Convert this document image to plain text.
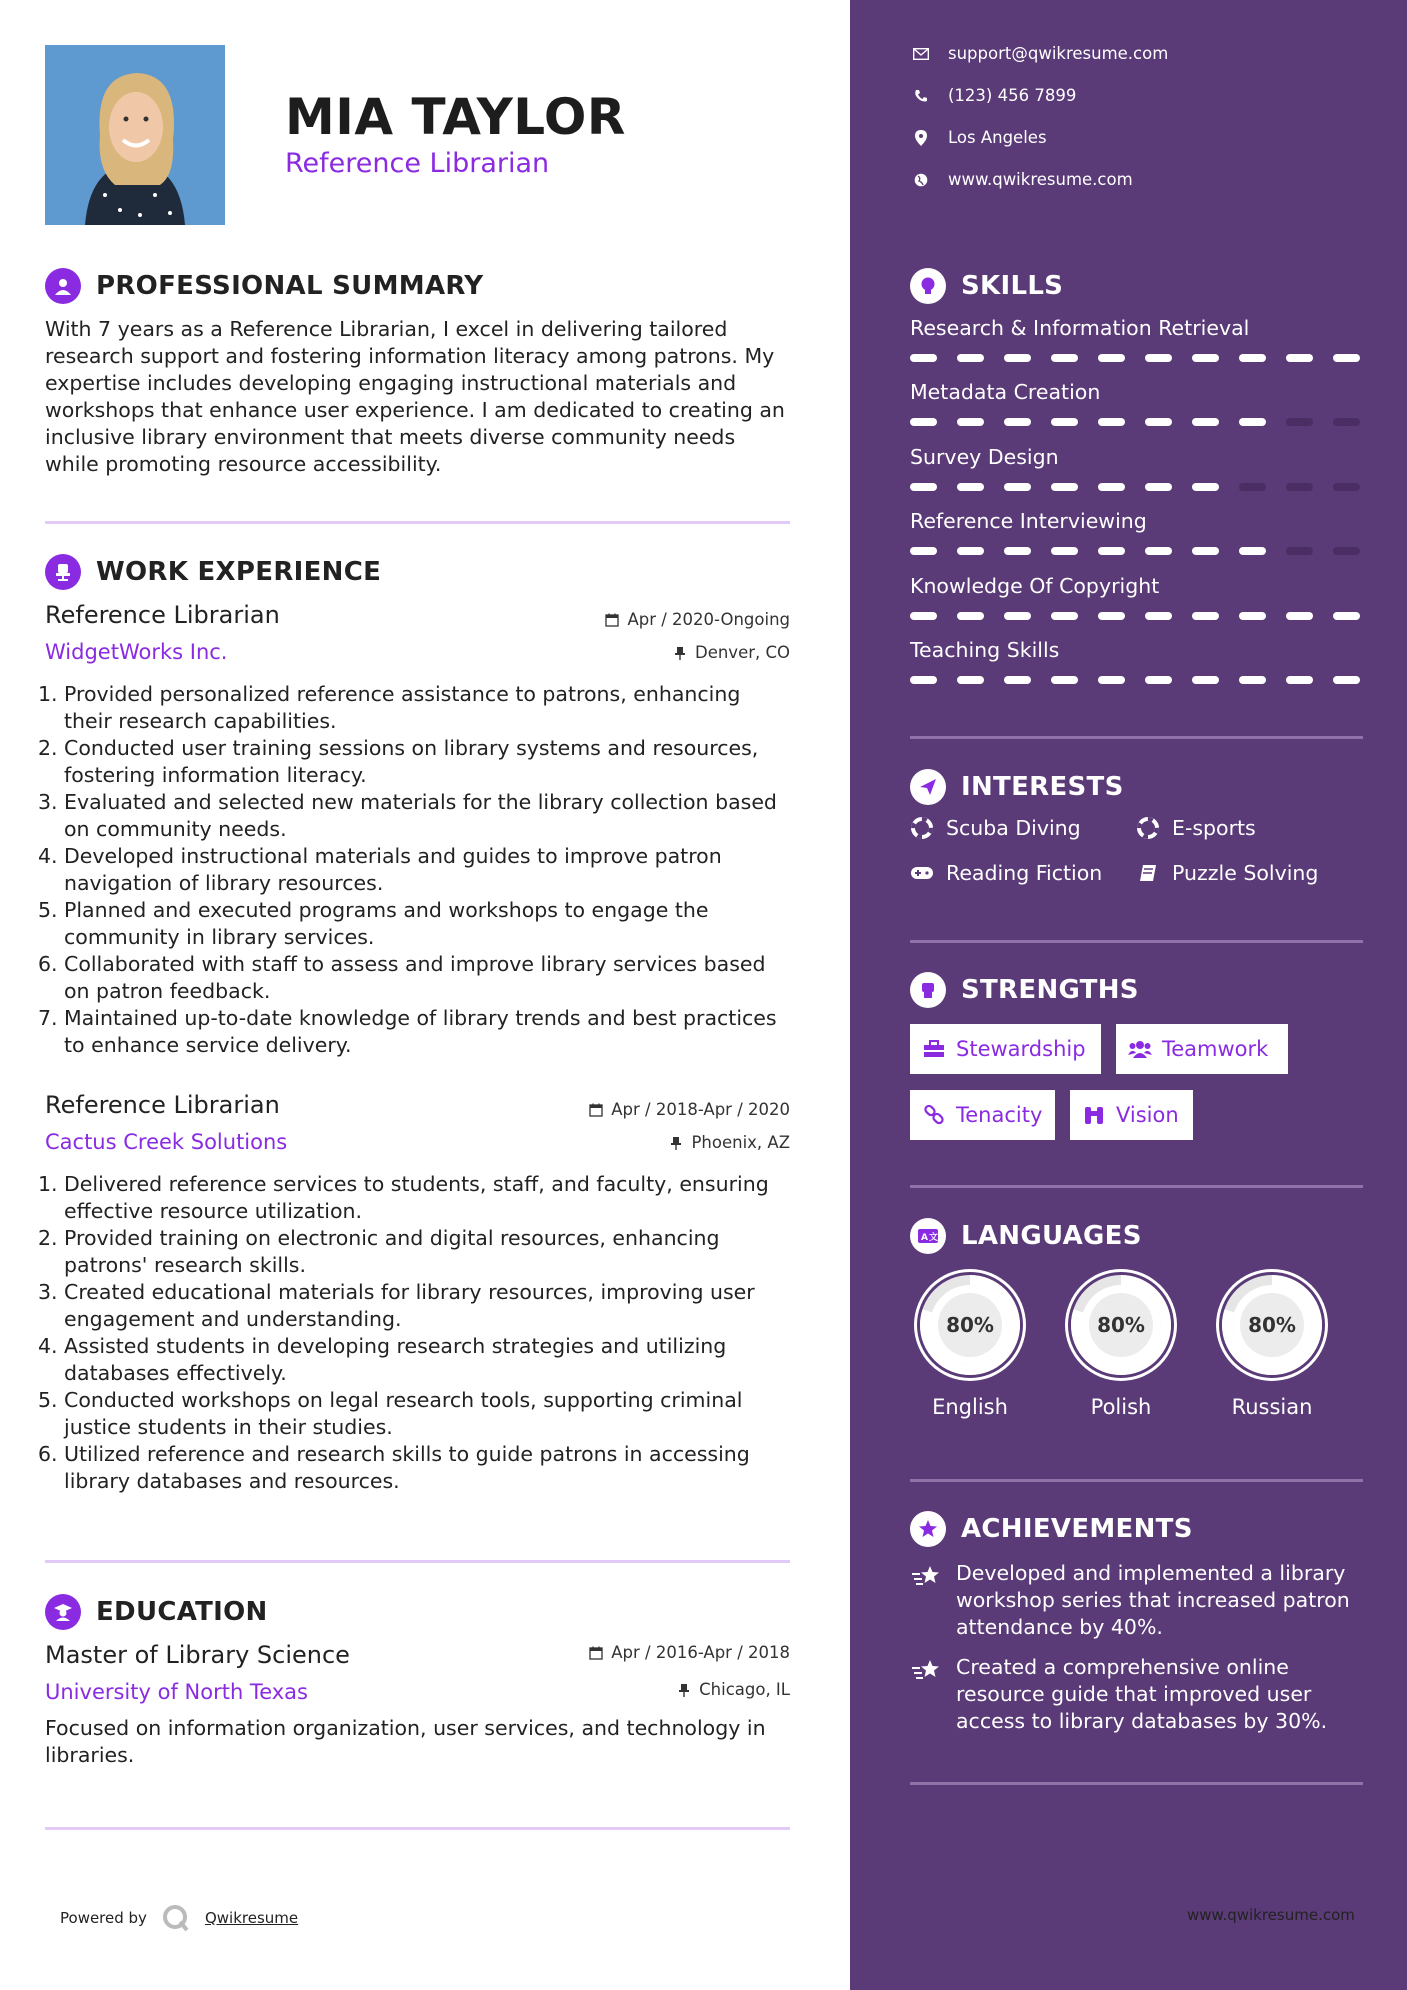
MIA TAYLOR
Reference Librarian
PROFESSIONAL SUMMARY
With 7 years as a Reference Librarian, I excel in delivering tailored research support and fostering information literacy among patrons. My expertise includes developing engaging instructional materials and workshops that enhance user experience. I am dedicated to creating an inclusive library environment that meets diverse community needs while promoting resource accessibility.
WORK EXPERIENCE
Reference Librarian
WidgetWorks Inc.
Apr / 2020-Ongoing
Denver, CO
1. Provided personalized reference assistance to patrons, enhancing their research capabilities.
2. Conducted user training sessions on library systems and resources, fostering information literacy.
3. Evaluated and selected new materials for the library collection based on community needs.
4. Developed instructional materials and guides to improve patron navigation of library resources.
5. Planned and executed programs and workshops to engage the community in library services.
6. Collaborated with staff to assess and improve library services based on patron feedback.
7. Maintained up-to-date knowledge of library trends and best practices to enhance service delivery.
Reference Librarian
Cactus Creek Solutions
Apr / 2018-Apr / 2020
Phoenix, AZ
1. Delivered reference services to students, staff, and faculty, ensuring effective resource utilization.
2. Provided training on electronic and digital resources, enhancing patrons' research skills.
3. Created educational materials for library resources, improving user engagement and understanding.
4. Assisted students in developing research strategies and utilizing databases effectively.
5. Conducted workshops on legal research tools, supporting criminal justice students in their studies.
6. Utilized reference and research skills to guide patrons in accessing library databases and resources.
EDUCATION
Master of Library Science
University of North Texas
Apr / 2016-Apr / 2018
Chicago, IL
Focused on information organization, user services, and technology in libraries.
Powered by	Qwikresume
support@qwikresume.com
(123) 456 7899
Los Angeles
www.qwikresume.com
SKILLS
Research & Information Retrieval
Metadata Creation
Survey Design
Reference Interviewing
Knowledge Of Copyright
Teaching Skills
INTERESTS
Scuba Diving	E-sports
Reading Fiction	Puzzle Solving
STRENGTHS
Stewardship	Teamwork
Tenacity	Vision
A 文 LANGUAGES
80%
English
80%
Polish
80%
Russian
ACHIEVEMENTS
Developed and implemented a library workshop series that increased patron attendance by 40%.
Created a comprehensive online resource guide that improved user access to library databases by 30%.
www.qwikresume.com
